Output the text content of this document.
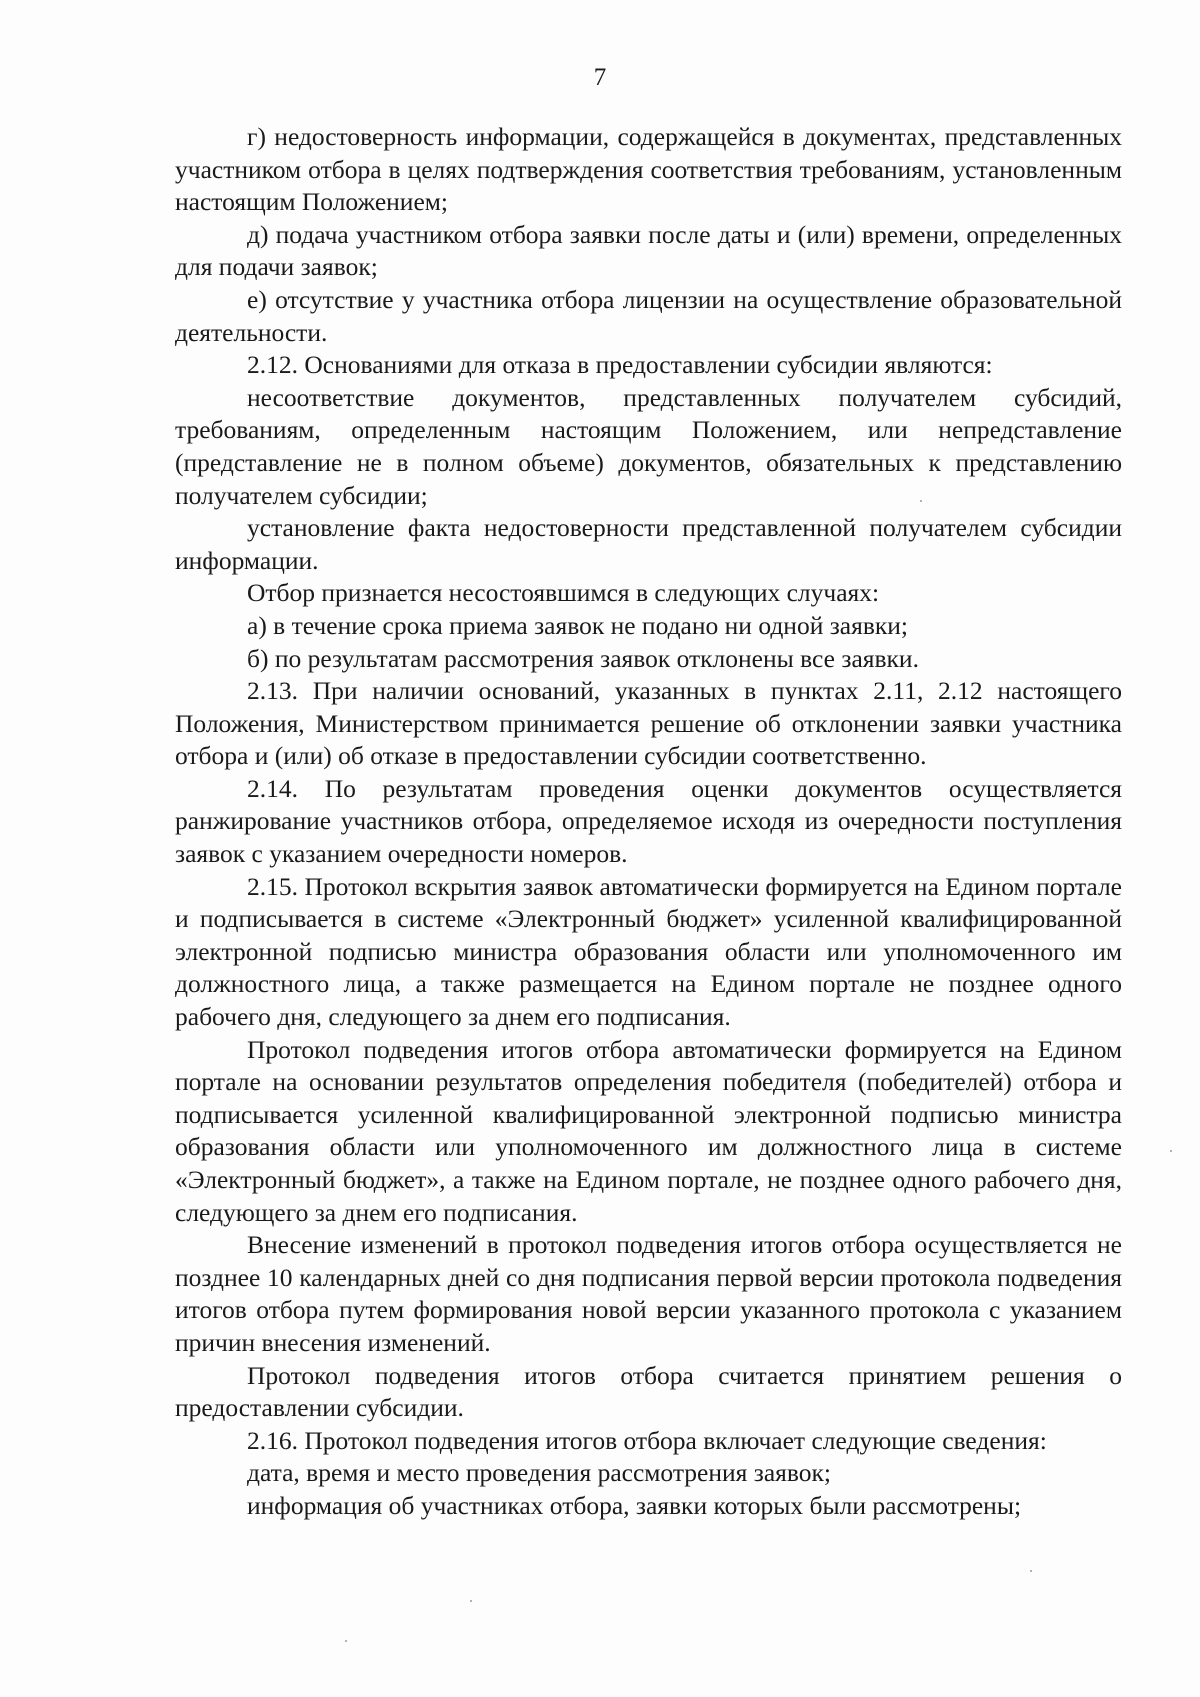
7

г) недостоверность информации, содержащейся в документах, представленных участником отбора в целях подтверждения соответствия требованиям, установленным настоящим Положением;

д) подача участником отбора заявки после даты и (или) времени, определенных для подачи заявок;

е) отсутствие у участника отбора лицензии на осуществление образовательной деятельности.

2.12. Основаниями для отказа в предоставлении субсидии являются:

несоответствие документов, представленных получателем субсидий, требованиям, определенным настоящим Положением, или непредставление (представление не в полном объеме) документов, обязательных к представлению получателем субсидии;

установление факта недостоверности представленной получателем субсидии информации.

Отбор признается несостоявшимся в следующих случаях:

а) в течение срока приема заявок не подано ни одной заявки;

б) по результатам рассмотрения заявок отклонены все заявки.

2.13. При наличии оснований, указанных в пунктах 2.11, 2.12 настоящего Положения, Министерством принимается решение об отклонении заявки участника отбора и (или) об отказе в предоставлении субсидии соответственно.

2.14. По результатам проведения оценки документов осуществляется ранжирование участников отбора, определяемое исходя из очередности поступления заявок с указанием очередности номеров.

2.15. Протокол вскрытия заявок автоматически формируется на Едином портале и подписывается в системе «Электронный бюджет» усиленной квалифицированной электронной подписью министра образования области или уполномоченного им должностного лица, а также размещается на Едином портале не позднее одного рабочего дня, следующего за днем его подписания.

Протокол подведения итогов отбора автоматически формируется на Едином портале на основании результатов определения победителя (победителей) отбора и подписывается усиленной квалифицированной электронной подписью министра образования области или уполномоченного им должностного лица в системе «Электронный бюджет», а также на Едином портале, не позднее одного рабочего дня, следующего за днем его подписания.

Внесение изменений в протокол подведения итогов отбора осуществляется не позднее 10 календарных дней со дня подписания первой версии протокола подведения итогов отбора путем формирования новой версии указанного протокола с указанием причин внесения изменений.

Протокол подведения итогов отбора считается принятием решения о предоставлении субсидии.

2.16. Протокол подведения итогов отбора включает следующие сведения:

дата, время и место проведения рассмотрения заявок;

информация об участниках отбора, заявки которых были рассмотрены;
